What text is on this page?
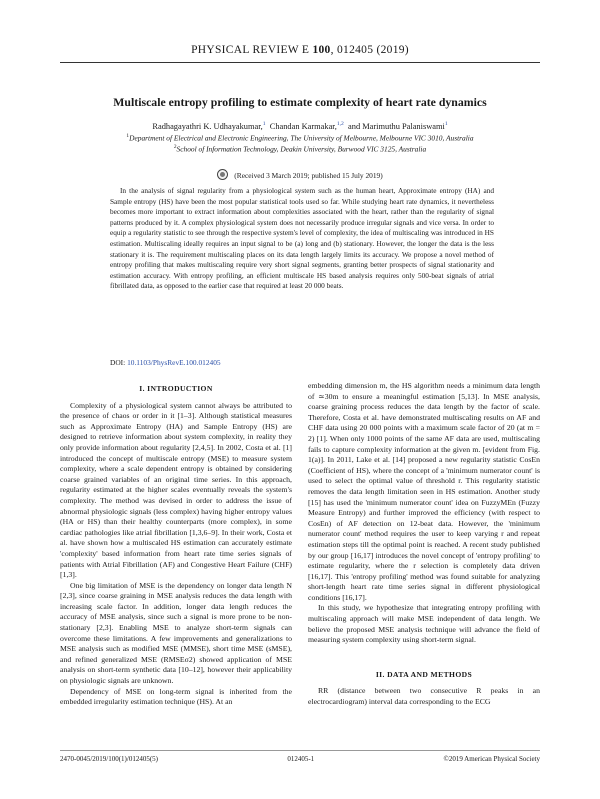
PHYSICAL REVIEW E 100, 012405 (2019)
Multiscale entropy profiling to estimate complexity of heart rate dynamics
Radhagayathri K. Udhayakumar,$^1$ Chandan Karmakar,$^{1,2}$ and Marimuthu Palaniswami$^1$
$^1$Department of Electrical and Electronic Engineering, The University of Melbourne, Melbourne VIC 3010, Australia
$^2$School of Information Technology, Deakin University, Burwood VIC 3125, Australia
(Received 3 March 2019; published 15 July 2019)
In the analysis of signal regularity from a physiological system such as the human heart, Approximate entropy (HA) and Sample entropy (HS) have been the most popular statistical tools used so far. While studying heart rate dynamics, it nevertheless becomes more important to extract information about complexities associated with the heart, rather than the regularity of signal patterns produced by it. A complex physiological system does not necessarily produce irregular signals and vice versa. In order to equip a regularity statistic to see through the respective system's level of complexity, the idea of multiscaling was introduced in HS estimation. Multiscaling ideally requires an input signal to be (a) long and (b) stationary. However, the longer the data is the less stationary it is. The requirement multiscaling places on its data length largely limits its accuracy. We propose a novel method of entropy profiling that makes multiscaling require very short signal segments, granting better prospects of signal stationarity and estimation accuracy. With entropy profiling, an efficient multiscale HS based analysis requires only 500-beat signals of atrial fibrillated data, as opposed to the earlier case that required at least 20 000 beats.
DOI: 10.1103/PhysRevE.100.012405
I. INTRODUCTION

Complexity of a physiological system cannot always be attributed to the presence of chaos or order in it [1–3]. Although statistical measures such as Approximate Entropy (HA) and Sample Entropy (HS) are designed to retrieve information about system complexity, in reality they only provide information about regularity [2,4,5]. In 2002, Costa et al. [1] introduced the concept of multiscale entropy (MSE) to measure system complexity, where a scale dependent entropy is obtained by considering coarse grained variables of an original time series. In this approach, regularity estimated at the higher scales eventually reveals the system's complexity. The method was devised in order to address the issue of abnormal physiologic signals (less complex) having higher entropy values (HA or HS) than their healthy counterparts (more complex), in some cardiac pathologies like atrial fibrillation [1,3,6–9]. In their work, Costa et al. have shown how a multiscaled HS estimation can accurately estimate 'complexity' based information from heart rate time series signals of patients with Atrial Fibrillation (AF) and Congestive Heart Failure (CHF) [1,3].

One big limitation of MSE is the dependency on longer data length N [2,3], since coarse graining in MSE analysis reduces the data length with increasing scale factor. In addition, longer data length reduces the accuracy of MSE analysis, since such a signal is more prone to be non-stationary [2,3]. Enabling MSE to analyze short-term signals can overcome these limitations. A few improvements and generalizations to MSE analysis such as modified MSE (MMSE), short time MSE (sMSE), and refined generalized MSE (RMSEσ2) showed application of MSE analysis on short-term synthetic data [10–12], however their applicability on physiologic signals are unknown.

Dependency of MSE on long-term signal is inherited from the embedded irregularity estimation technique (HS). At an

embedding dimension m, the HS algorithm needs a minimum data length of ≃30m to ensure a meaningful estimation [5,13]. In MSE analysis, coarse graining process reduces the data length by the factor of scale. Therefore, Costa et al. have demonstrated multiscaling results on AF and CHF data using 20 000 points with a maximum scale factor of 20 (at m = 2) [1]. When only 1000 points of the same AF data are used, multiscaling fails to capture complexity information at the given m. [evident from Fig. 1(a)]. In 2011, Lake et al. [14] proposed a new regularity statistic CosEn (Coefficient of HS), where the concept of a 'minimum numerator count' is used to select the optimal value of threshold r. This regularity statistic removes the data length limitation seen in HS estimation. Another study [15] has used the 'minimum numerator count' idea on FuzzyMEn (Fuzzy Measure Entropy) and further improved the efficiency (with respect to CosEn) of AF detection on 12-beat data. However, the 'minimum numerator count' method requires the user to keep varying r and repeat estimation steps till the optimal point is reached. A recent study published by our group [16,17] introduces the novel concept of 'entropy profiling' to estimate regularity, where the r selection is completely data driven [16,17]. This 'entropy profiling' method was found suitable for analyzing short-length heart rate time series signal in different physiological conditions [16,17].

In this study, we hypothesize that integrating entropy profiling with multiscaling approach will make MSE independent of data length. We believe the proposed MSE analysis technique will advance the field of measuring system complexity using short-term signal.

II. DATA AND METHODS

RR (distance between two consecutive R peaks in an electrocardiogram) interval data corresponding to the ECG

2470-0045/2019/100(1)/012405(5)	012405-1	©2019 American Physical Society
